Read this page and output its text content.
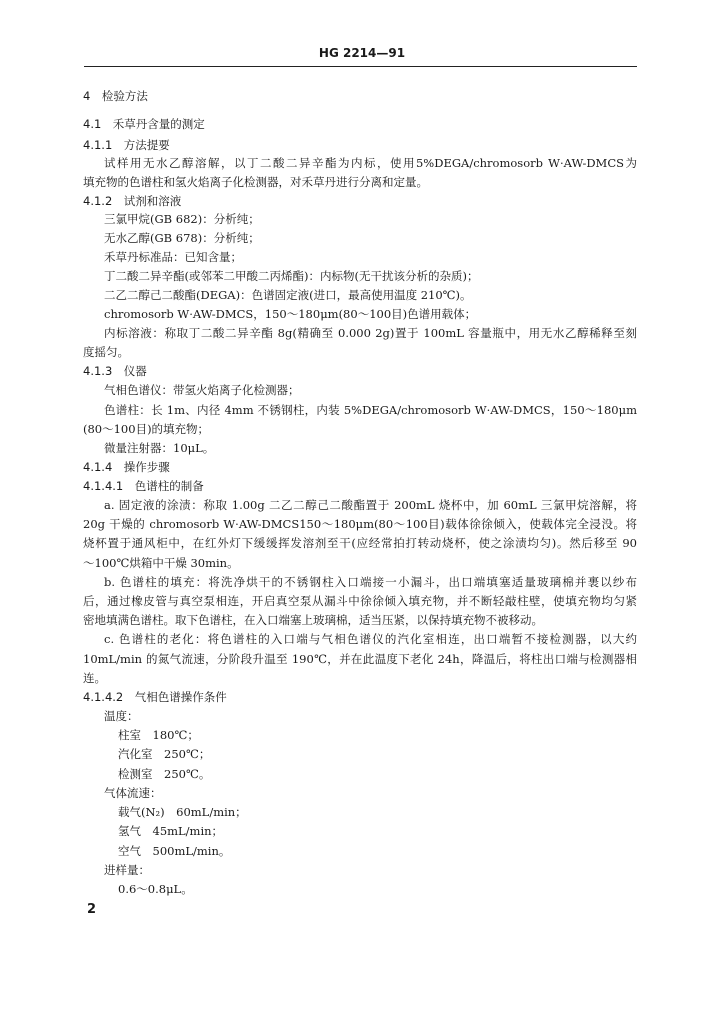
HG 2214—91
4　检验方法
4.1　禾草丹含量的测定
4.1.1　方法提要
试样用无水乙醇溶解，以丁二酸二异辛酯为内标，使用5%DEGA/chromosorb W·AW-DMCS为
填充物的色谱柱和氢火焰离子化检测器，对禾草丹进行分离和定量。
4.1.2　试剂和溶液
三氯甲烷(GB 682)：分析纯；
无水乙醇(GB 678)：分析纯；
禾草丹标准品：已知含量；
丁二酸二异辛酯(或邻苯二甲酸二丙烯酯)：内标物(无干扰该分析的杂质)；
二乙二醇己二酸酯(DEGA)：色谱固定液(进口，最高使用温度 210℃)。
chromosorb W·AW-DMCS，150～180μm(80～100目)色谱用载体；
内标溶液：称取丁二酸二异辛酯 8g(精确至 0.000 2g)置于 100mL 容量瓶中，用无水乙醇稀释至刻
度摇匀。
4.1.3　仪器
气相色谱仪：带氢火焰离子化检测器；
色谱柱：长 1m、内径 4mm 不锈钢柱，内装 5%DEGA/chromosorb W·AW-DMCS，150～180μm
(80～100目)的填充物；
微量注射器：10μL。
4.1.4　操作步骤
4.1.4.1　色谱柱的制备
a. 固定液的涂渍：称取 1.00g 二乙二醇己二酸酯置于 200mL 烧杯中，加 60mL 三氯甲烷溶解，将
20g 干燥的 chromosorb W·AW-DMCS150～180μm(80～100目)载体徐徐倾入，使载体完全浸没。将
烧杯置于通风柜中，在红外灯下缓缓挥发溶剂至干(应经常拍打转动烧杯，使之涂渍均匀)。然后移至 90
～100℃烘箱中干燥 30min。
b. 色谱柱的填充：将洗净烘干的不锈钢柱入口端接一小漏斗，出口端填塞适量玻璃棉并裹以纱布
后，通过橡皮管与真空泵相连，开启真空泵从漏斗中徐徐倾入填充物，并不断轻敲柱壁，使填充物均匀紧
密地填满色谱柱。取下色谱柱，在入口端塞上玻璃棉，适当压紧，以保持填充物不被移动。
c. 色谱柱的老化：将色谱柱的入口端与气相色谱仪的汽化室相连，出口端暂不接检测器，以大约
10mL/min 的氮气流速，分阶段升温至 190℃，并在此温度下老化 24h，降温后，将柱出口端与检测器相
连。
4.1.4.2　气相色谱操作条件
温度：
柱室　180℃；
汽化室　250℃；
检测室　250℃。
气体流速：
载气(N₂)　60mL/min；
氢气　45mL/min；
空气　500mL/min。
进样量：
0.6～0.8μL。
2
